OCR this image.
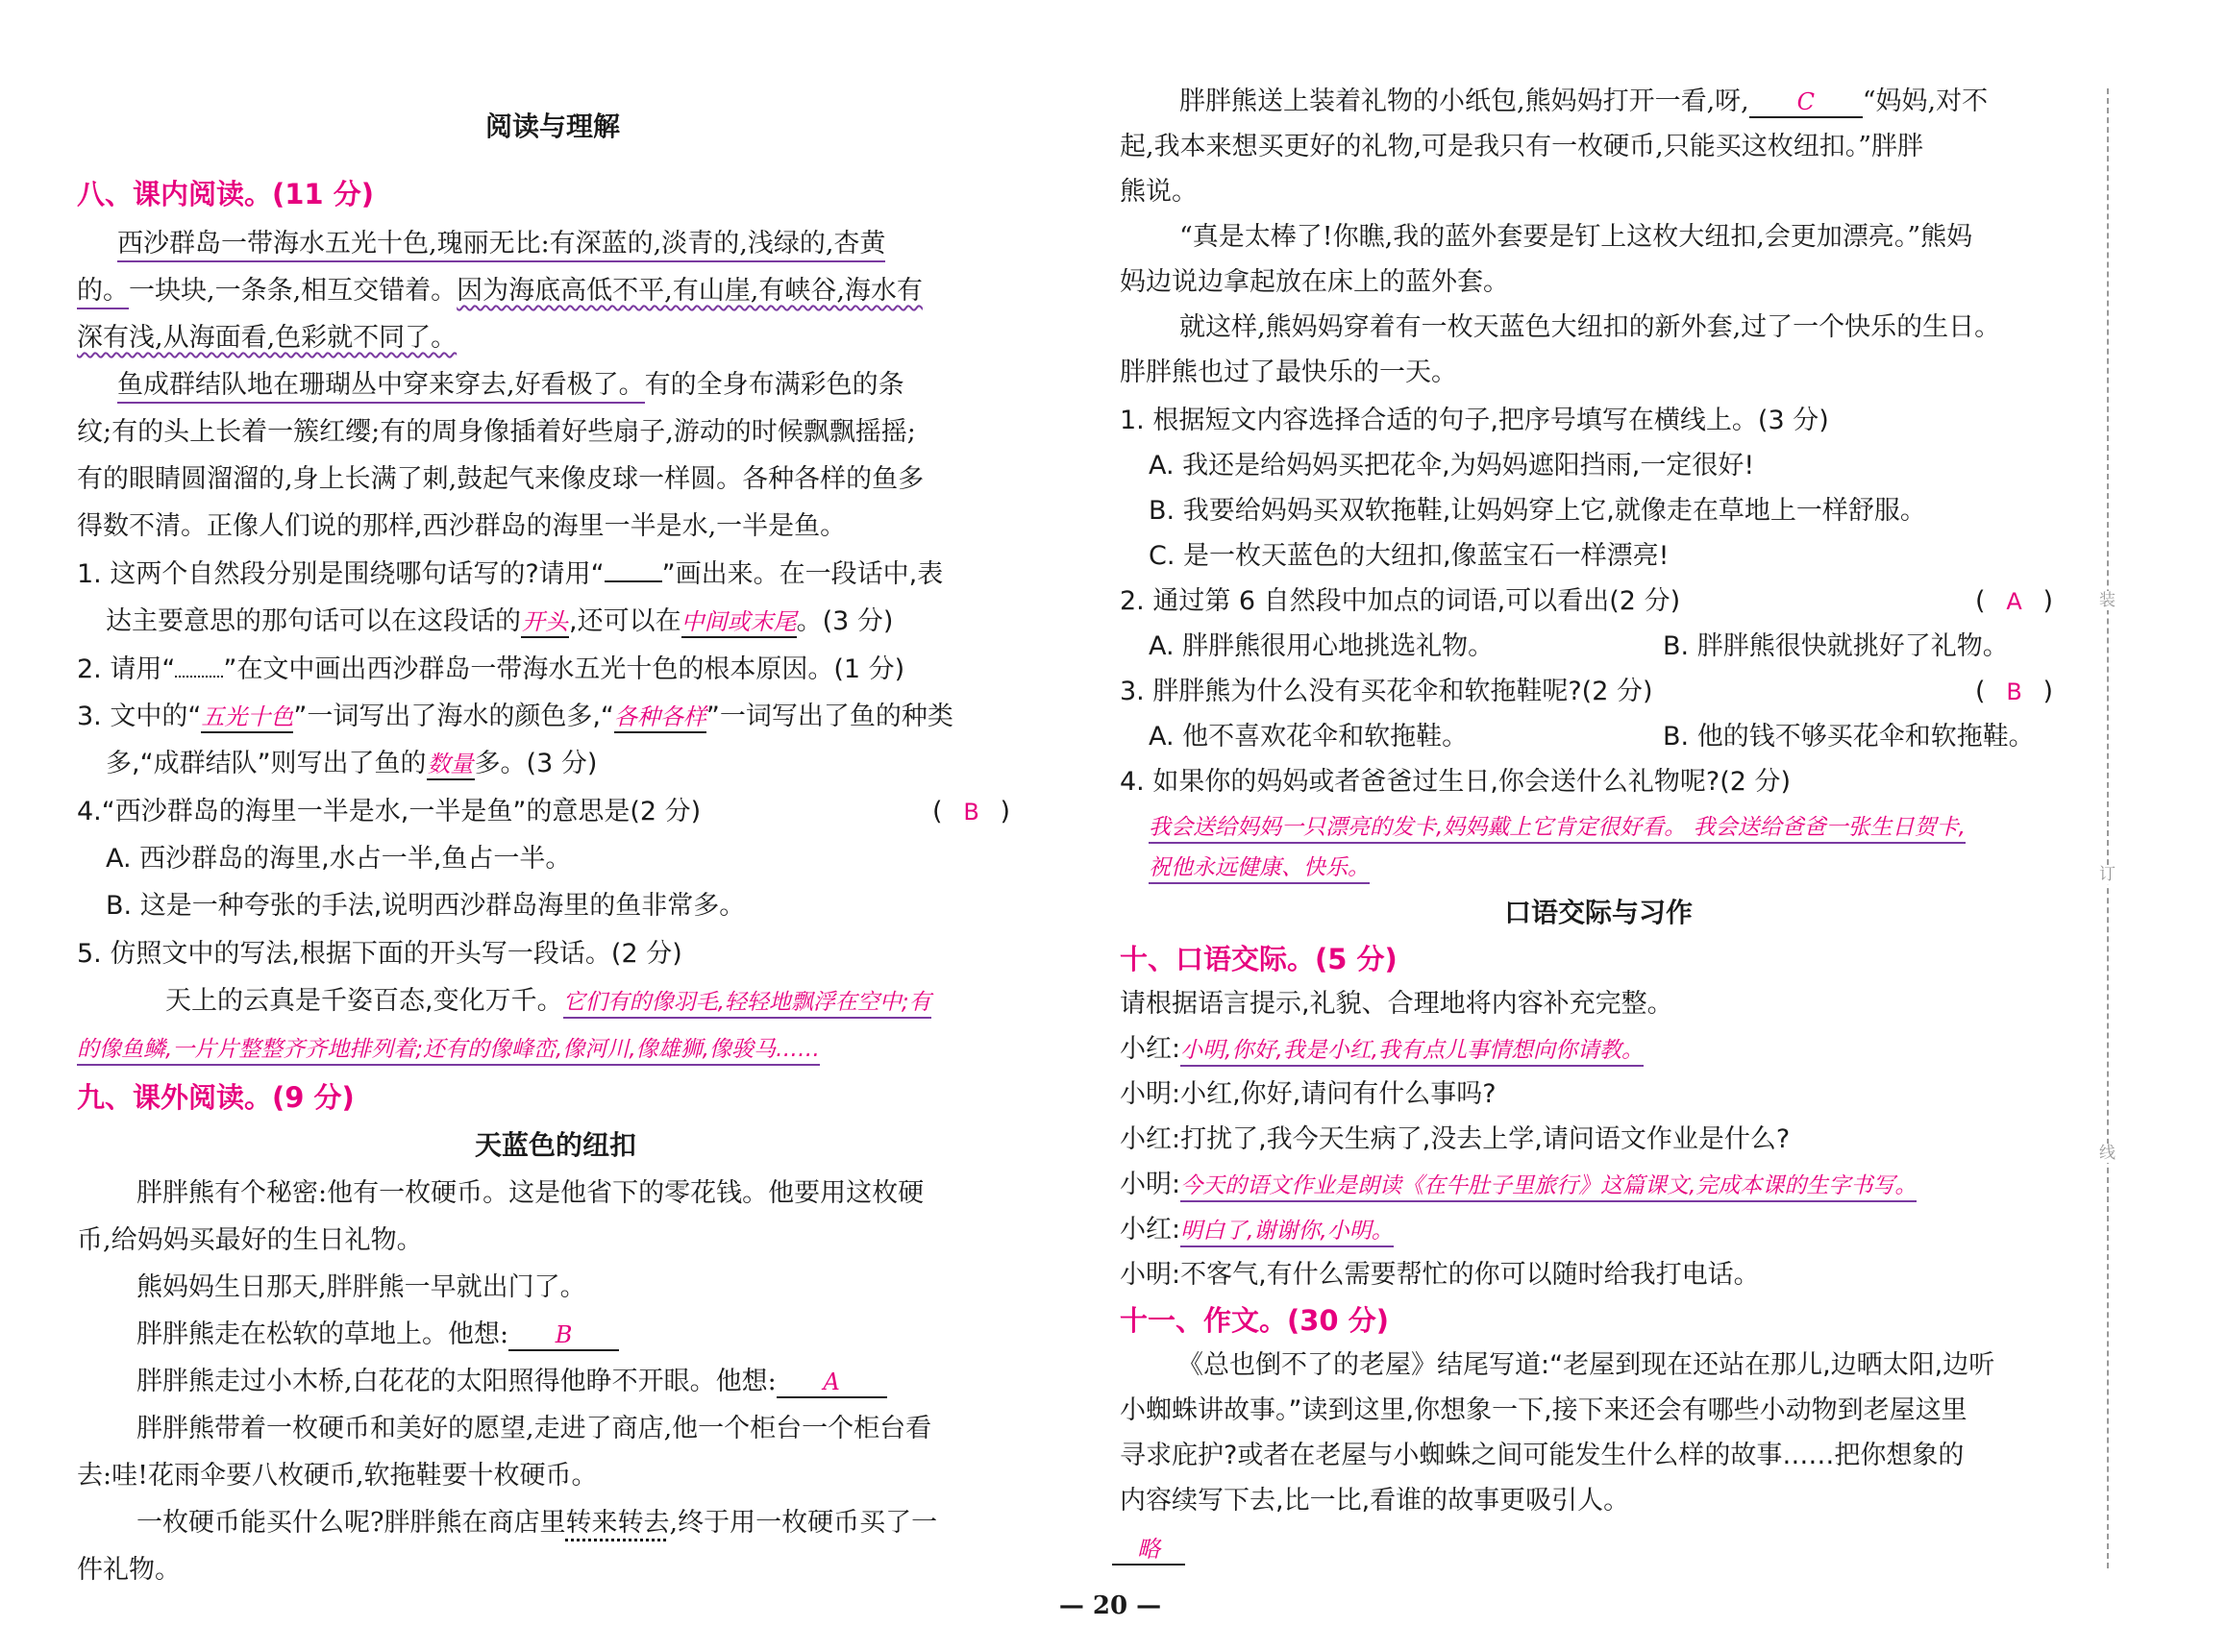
阅读与理解
八、课内阅读。(11 分)
西沙群岛一带海水五光十色,瑰丽无比:有深蓝的,淡青的,浅绿的,杏黄
的。一块块,一条条,相互交错着。因为海底高低不平,有山崖,有峡谷,海水有
深有浅,从海面看,色彩就不同了。
鱼成群结队地在珊瑚丛中穿来穿去,好看极了。有的全身布满彩色的条
纹;有的头上长着一簇红缨;有的周身像插着好些扇子,游动的时候飘飘摇摇;
有的眼睛圆溜溜的,身上长满了刺,鼓起气来像皮球一样圆。各种各样的鱼多
得数不清。正像人们说的那样,西沙群岛的海里一半是水,一半是鱼。
1. 这两个自然段分别是围绕哪句话写的?请用“ ”画出来。在一段话中,表
达主要意思的那句话可以在这段话的开头,还可以在中间或末尾。(3 分)
2. 请用“ ”在文中画出西沙群岛一带海水五光十色的根本原因。(1 分)
3. 文中的“五光十色”一词写出了海水的颜色多,“各种各样”一词写出了鱼的种类
多,“成群结队”则写出了鱼的数量多。(3 分)
4.“西沙群岛的海里一半是水,一半是鱼”的意思是(2 分)	( B )
A. 西沙群岛的海里,水占一半,鱼占一半。
B. 这是一种夸张的手法,说明西沙群岛海里的鱼非常多。
5. 仿照文中的写法,根据下面的开头写一段话。(2 分)
天上的云真是千姿百态,变化万千。它们有的像羽毛,轻轻地飘浮在空中;有
的像鱼鳞,一片片整整齐齐地排列着;还有的像峰峦,像河川,像雄狮,像骏马……
九、课外阅读。(9 分)
天蓝色的纽扣
胖胖熊有个秘密:他有一枚硬币。这是他省下的零花钱。他要用这枚硬
币,给妈妈买最好的生日礼物。
熊妈妈生日那天,胖胖熊一早就出门了。
胖胖熊走在松软的草地上。他想: B
胖胖熊走过小木桥,白花花的太阳照得他睁不开眼。他想: A
胖胖熊带着一枚硬币和美好的愿望,走进了商店,他一个柜台一个柜台看
去:哇!花雨伞要八枚硬币,软拖鞋要十枚硬币。
一枚硬币能买什么呢?胖胖熊在商店里转来转去,终于用一枚硬币买了一
件礼物。
胖胖熊送上装着礼物的小纸包,熊妈妈打开一看,呀, C “妈妈,对不
起,我本来想买更好的礼物,可是我只有一枚硬币,只能买这枚纽扣。”胖胖
熊说。
“真是太棒了!你瞧,我的蓝外套要是钉上这枚大纽扣,会更加漂亮。”熊妈
妈边说边拿起放在床上的蓝外套。
就这样,熊妈妈穿着有一枚天蓝色大纽扣的新外套,过了一个快乐的生日。
胖胖熊也过了最快乐的一天。
1. 根据短文内容选择合适的句子,把序号填写在横线上。(3 分)
A. 我还是给妈妈买把花伞,为妈妈遮阳挡雨,一定很好!
B. 我要给妈妈买双软拖鞋,让妈妈穿上它,就像走在草地上一样舒服。
C. 是一枚天蓝色的大纽扣,像蓝宝石一样漂亮!
2. 通过第 6 自然段中加点的词语,可以看出(2 分)	( A )
A. 胖胖熊很用心地挑选礼物。	B. 胖胖熊很快就挑好了礼物。
3. 胖胖熊为什么没有买花伞和软拖鞋呢?(2 分)	( B )
A. 他不喜欢花伞和软拖鞋。	B. 他的钱不够买花伞和软拖鞋。
4. 如果你的妈妈或者爸爸过生日,你会送什么礼物呢?(2 分)
我会送给妈妈一只漂亮的发卡,妈妈戴上它肯定很好看。 我会送给爸爸一张生日贺卡,
祝他永远健康、快乐。
口语交际与习作
十、口语交际。(5 分)
请根据语言提示,礼貌、合理地将内容补充完整。
小红:小明,你好,我是小红,我有点儿事情想向你请教。
小明:小红,你好,请问有什么事吗?
小红:打扰了,我今天生病了,没去上学,请问语文作业是什么?
小明:今天的语文作业是朗读《在牛肚子里旅行》这篇课文,完成本课的生字书写。
小红:明白了,谢谢你,小明。
小明:不客气,有什么需要帮忙的你可以随时给我打电话。
十一、作文。(30 分)
《总也倒不了的老屋》结尾写道:“老屋到现在还站在那儿,边晒太阳,边听
小蜘蛛讲故事。”读到这里,你想象一下,接下来还会有哪些小动物到老屋这里
寻求庇护?或者在老屋与小蜘蛛之间可能发生什么样的故事……把你想象的
内容续写下去,比一比,看谁的故事更吸引人。
略
装
订
线
— 20 —
